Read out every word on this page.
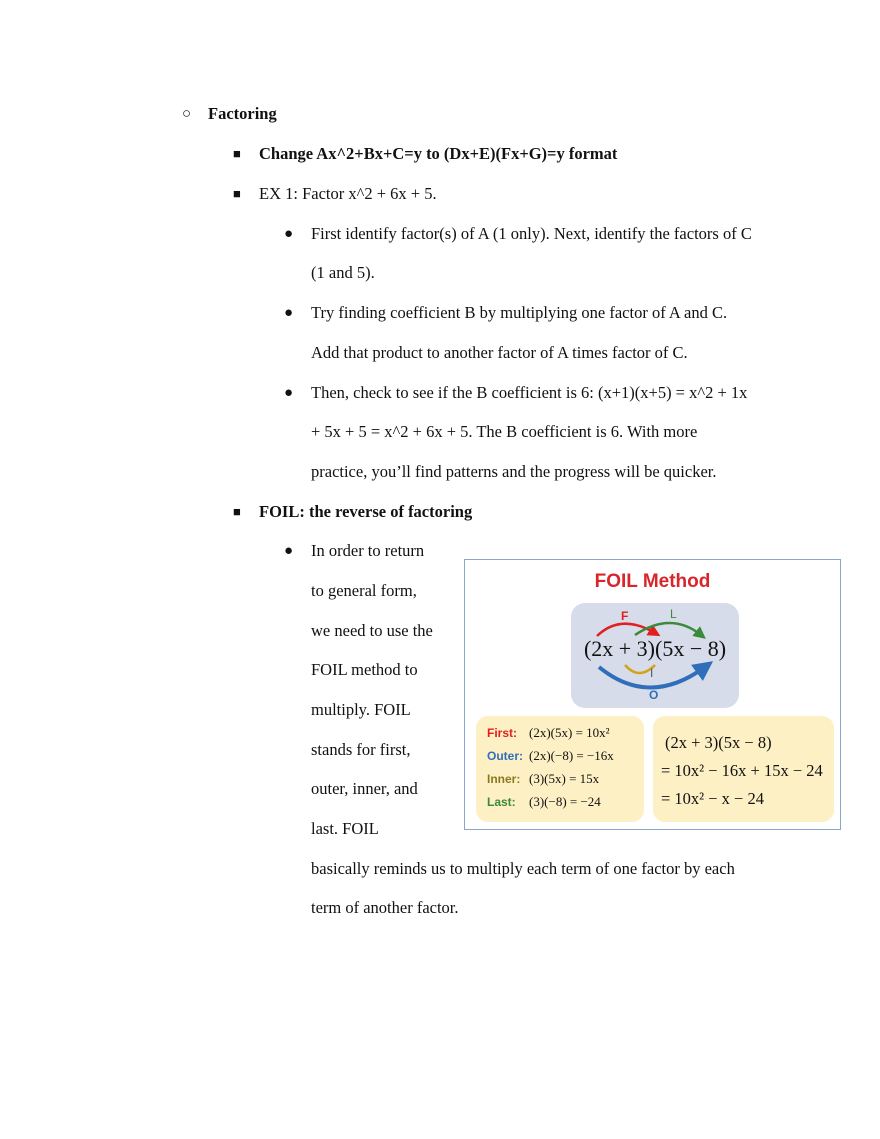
○ Factoring
■ Change Ax^2+Bx+C=y to (Dx+E)(Fx+G)=y format
■ EX 1: Factor x^2 + 6x + 5.
● First identify factor(s) of A (1 only). Next, identify the factors of C
(1 and 5).
● Try finding coefficient B by multiplying one factor of A and C.
Add that product to another factor of A times factor of C.
● Then, check to see if the B coefficient is 6: (x+1)(x+5) = x^2 + 1x
+ 5x + 5 = x^2 + 6x + 5. The B coefficient is 6. With more
practice, you’ll find patterns and the progress will be quicker.
■ FOIL: the reverse of factoring
● In order to return
to general form,
we need to use the
FOIL method to
multiply. FOIL
stands for first,
outer, inner, and
last. FOIL
basically reminds us to multiply each term of one factor by each
term of another factor.
FOIL Method
F	L
(2x + 3)(5x − 8)
I
O
First: (2x)(5x) = 10x²
Outer: (2x)(−8) = −16x
Inner: (3)(5x) = 15x
Last: (3)(−8) = −24
(2x + 3)(5x − 8)
= 10x² − 16x + 15x − 24
= 10x² − x − 24
